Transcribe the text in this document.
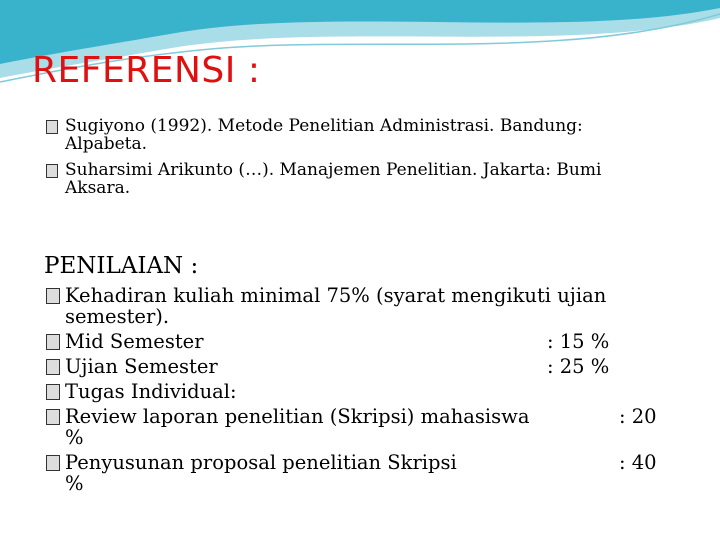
REFERENSI :
Sugiyono (1992). Metode Penelitian Administrasi. Bandung:
Alpabeta.
Suharsimi Arikunto (…). Manajemen Penelitian. Jakarta: Bumi
Aksara.
PENILAIAN :
Kehadiran kuliah minimal 75% (syarat mengikuti ujian
semester).
Mid Semester	: 15 %
Ujian Semester	: 25 %
Tugas Individual:
Review laporan penelitian (Skripsi) mahasiswa
%
: 20
Penyusunan proposal penelitian Skripsi
%
: 40
